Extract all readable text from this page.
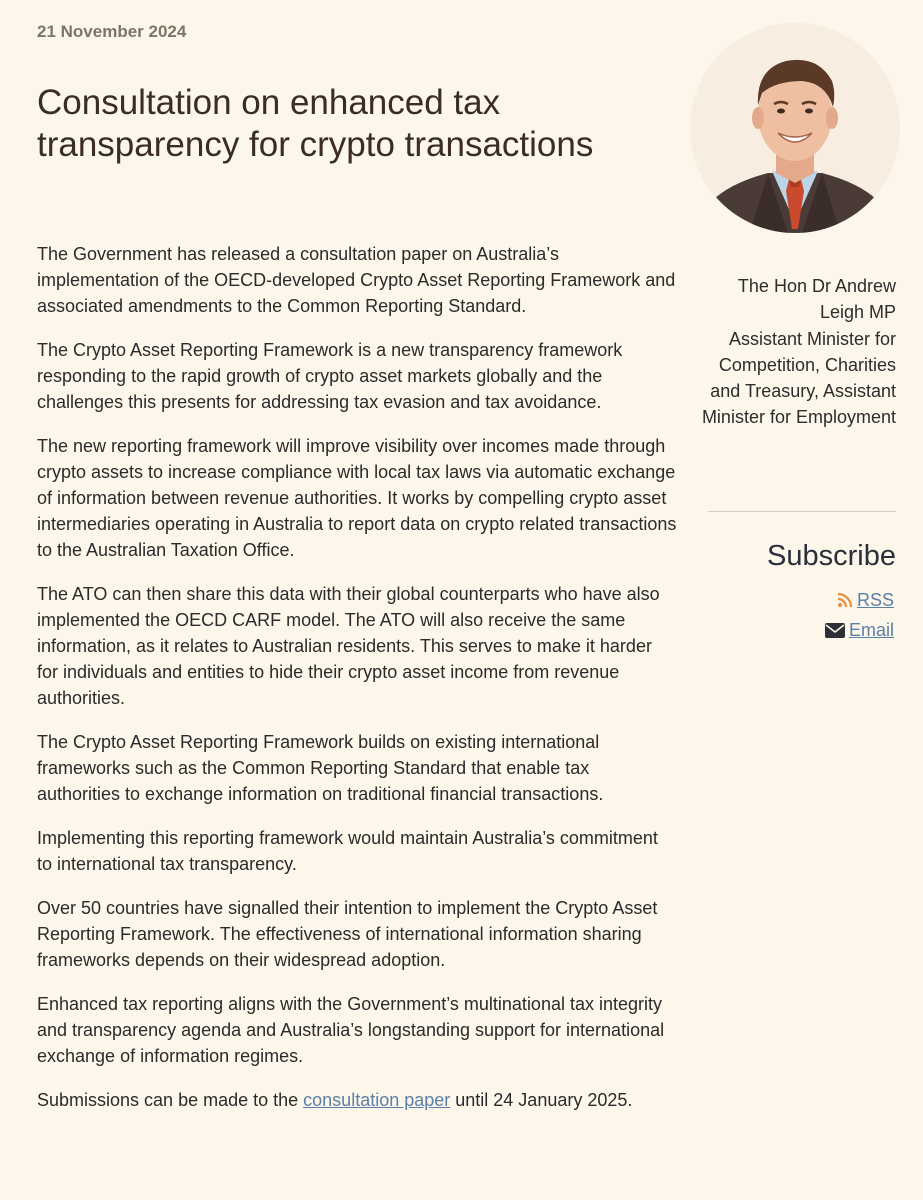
21 November 2024
Consultation on enhanced tax transparency for crypto transactions

The Government has released a consultation paper on Australia’s implementation of the OECD-developed Crypto Asset Reporting Framework and associated amendments to the Common Reporting Standard.

The Crypto Asset Reporting Framework is a new transparency framework responding to the rapid growth of crypto asset markets globally and the challenges this presents for addressing tax evasion and tax avoidance.

The new reporting framework will improve visibility over incomes made through crypto assets to increase compliance with local tax laws via automatic exchange of information between revenue authorities. It works by compelling crypto asset intermediaries operating in Australia to report data on crypto related transactions to the Australian Taxation Office.

The ATO can then share this data with their global counterparts who have also implemented the OECD CARF model. The ATO will also receive the same information, as it relates to Australian residents. This serves to make it harder for individuals and entities to hide their crypto asset income from revenue authorities.

The Crypto Asset Reporting Framework builds on existing international frameworks such as the Common Reporting Standard that enable tax authorities to exchange information on traditional financial transactions.

Implementing this reporting framework would maintain Australia’s commitment to international tax transparency.

Over 50 countries have signalled their intention to implement the Crypto Asset Reporting Framework. The effectiveness of international information sharing frameworks depends on their widespread adoption.

Enhanced tax reporting aligns with the Government’s multinational tax integrity and transparency agenda and Australia’s longstanding support for international exchange of information regimes.

Submissions can be made to the consultation paper until 24 January 2025.

The Hon Dr Andrew Leigh MP
Assistant Minister for Competition, Charities and Treasury, Assistant Minister for Employment
Subscribe
RSS
Email
